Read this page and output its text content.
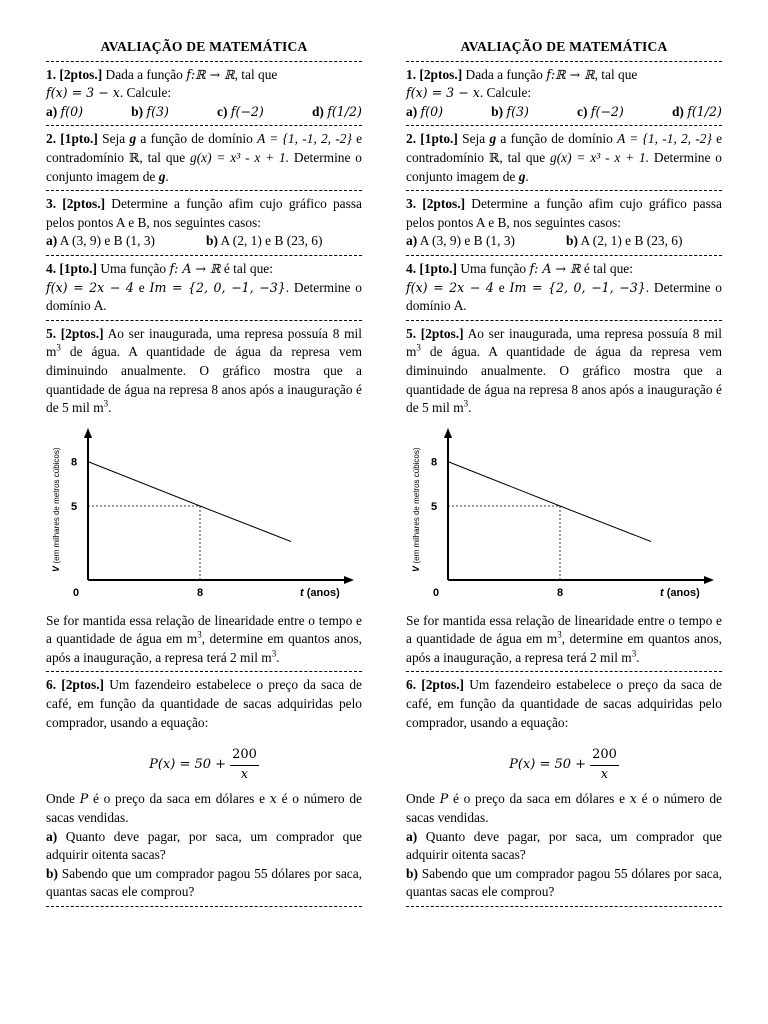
AVALIAÇÃO DE MATEMÁTICA
1. [2ptos.] Dada a função f:ℝ → ℝ, tal que
f(x) = 3 − x. Calcule:
a) f(0)	b) f(3)	c) f(−2)	d) f(1/2)
2. [1pto.] Seja g a função de domínio A = {1, -1, 2, -2} e contradomínio ℝ, tal que g(x) = x³ - x + 1. Determine o conjunto imagem de g.
3. [2ptos.] Determine a função afim cujo gráfico passa pelos pontos A e B, nos seguintes casos:
a) A (3, 9) e B (1, 3)	b) A (2, 1) e B (23, 6)
4. [1pto.] Uma função f: A → ℝ é tal que:
f(x) = 2x − 4 e Im = {2, 0, −1, −3}. Determine o domínio A.
5. [2ptos.] Ao ser inaugurada, uma represa possuía 8 mil $m^3$ de água. A quantidade de água da represa vem diminuindo anualmente. O gráfico mostra que a quantidade de água na represa 8 anos após a inauguração é de 5 mil $m^3$.
5
8
0	8	t (anos)
V (em milhares de metros cúbicos)
Se for mantida essa relação de linearidade entre o tempo e a quantidade de água em $m^3$, determine em quantos anos, após a inauguração, a represa terá 2 mil $m^3$.
6. [2ptos.] Um fazendeiro estabelece o preço da saca de café, em função da quantidade de sacas adquiridas pelo comprador, usando a equação:
$P(x) = 50 + \frac{200}{x}$
Onde P é o preço da saca em dólares e x é o número de sacas vendidas.
a) Quanto deve pagar, por saca, um comprador que adquirir oitenta sacas?
b) Sabendo que um comprador pagou 55 dólares por saca, quantas sacas ele comprou?
AVALIAÇÃO DE MATEMÁTICA
1. [2ptos.] Dada a função f:ℝ → ℝ, tal que
f(x) = 3 − x. Calcule:
a) f(0)	b) f(3)	c) f(−2)	d) f(1/2)
2. [1pto.] Seja g a função de domínio A = {1, -1, 2, -2} e contradomínio ℝ, tal que g(x) = x³ - x + 1. Determine o conjunto imagem de g.
3. [2ptos.] Determine a função afim cujo gráfico passa pelos pontos A e B, nos seguintes casos:
a) A (3, 9) e B (1, 3)	b) A (2, 1) e B (23, 6)
4. [1pto.] Uma função f: A → ℝ é tal que:
f(x) = 2x − 4 e Im = {2, 0, −1, −3}. Determine o domínio A.
5. [2ptos.] Ao ser inaugurada, uma represa possuía 8 mil $m^3$ de água. A quantidade de água da represa vem diminuindo anualmente. O gráfico mostra que a quantidade de água na represa 8 anos após a inauguração é de 5 mil $m^3$.
5
8
0	8	t (anos)
V (em milhares de metros cúbicos)
Se for mantida essa relação de linearidade entre o tempo e a quantidade de água em $m^3$, determine em quantos anos, após a inauguração, a represa terá 2 mil $m^3$.
6. [2ptos.] Um fazendeiro estabelece o preço da saca de café, em função da quantidade de sacas adquiridas pelo comprador, usando a equação:
$P(x) = 50 + \frac{200}{x}$
Onde P é o preço da saca em dólares e x é o número de sacas vendidas.
a) Quanto deve pagar, por saca, um comprador que adquirir oitenta sacas?
b) Sabendo que um comprador pagou 55 dólares por saca, quantas sacas ele comprou?
